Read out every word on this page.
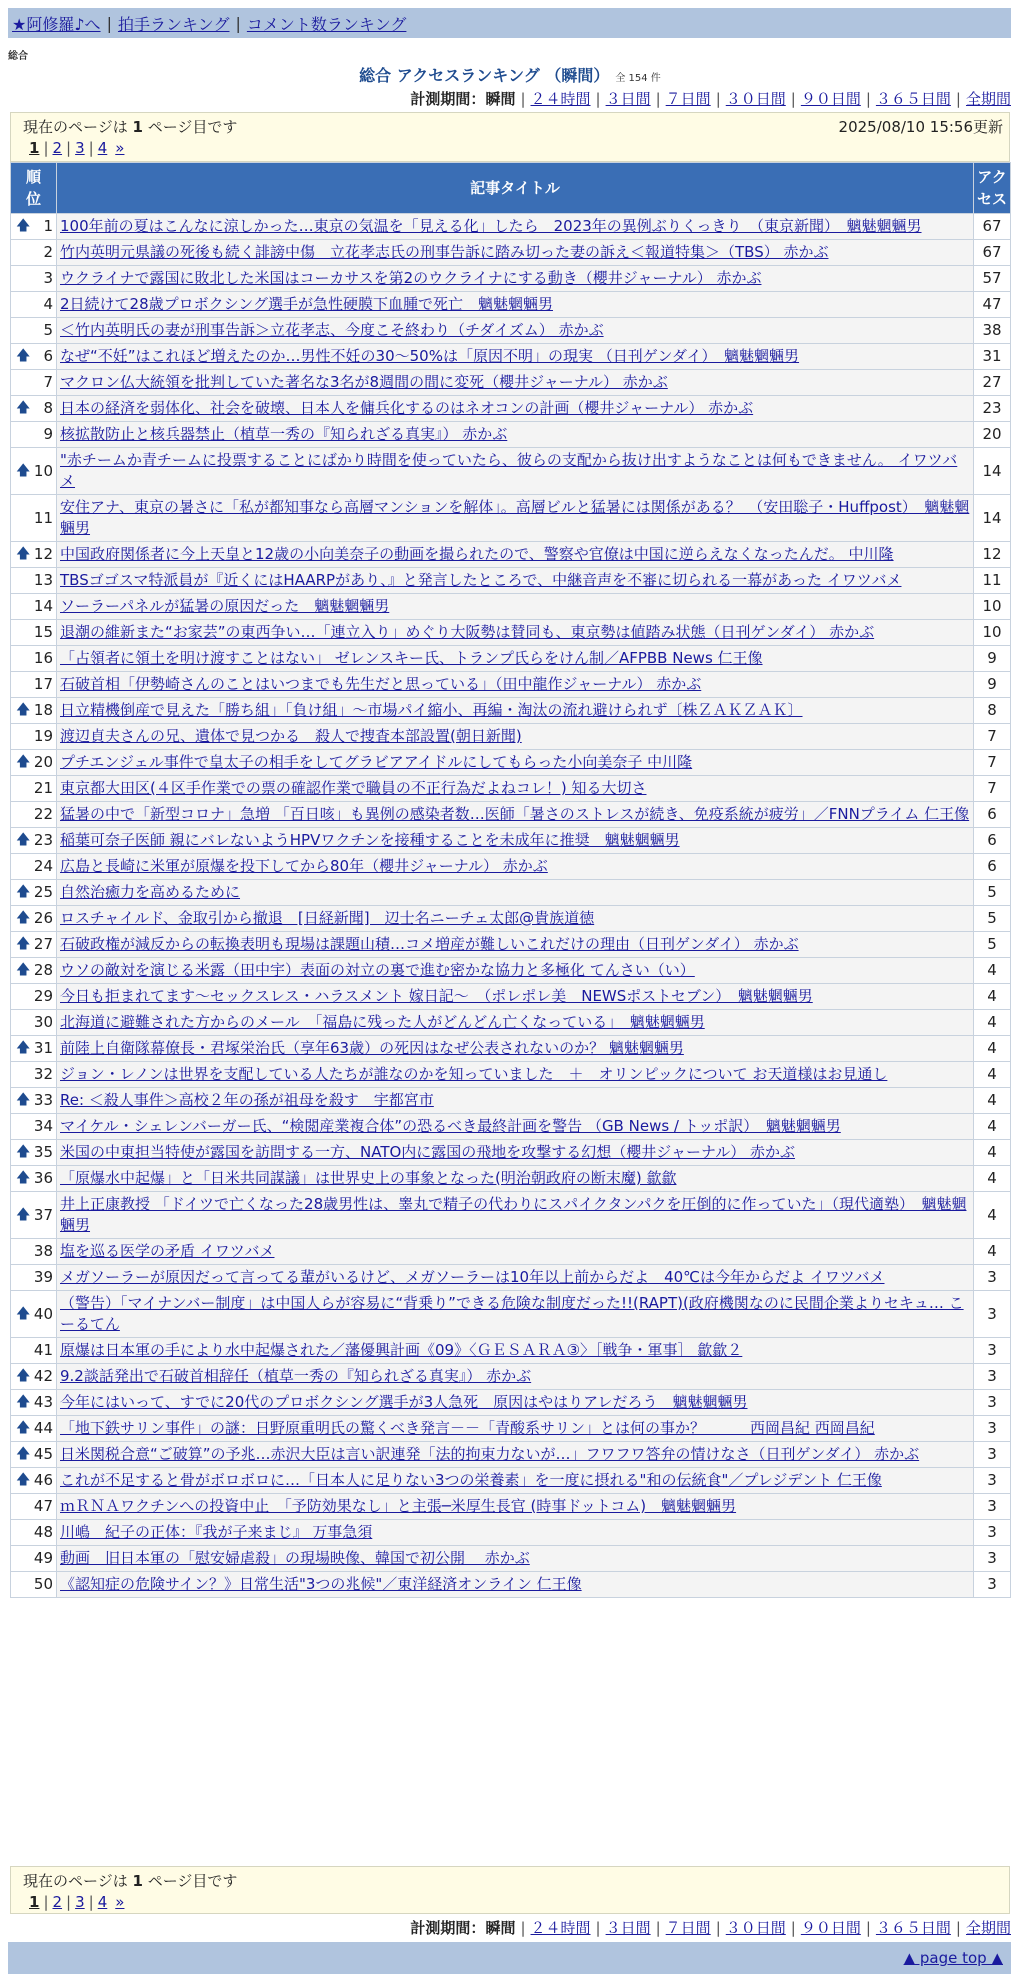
★阿修羅♪へ | 拍手ランキング | コメント数ランキング
総合
総合 アクセスランキング （瞬間） 全 154 件
計測期間：瞬間 | ２４時間 | ３日間 | ７日間 | ３０日間 | ９０日間 | ３６５日間 | 全期間
現在のページは 1 ページ目です	2025/08/10 15:56更新
1 | 2 | 3 | 4 »
順位	記事タイトル	アクセス

🡅 1	100年前の夏はこんなに涼しかった…東京の気温を「見える化」したら　2023年の異例ぶりくっきり　（東京新聞）　魑魅魍魎男	67
2	竹内英明元県議の死後も続く誹謗中傷　立花孝志氏の刑事告訴に踏み切った妻の訴え＜報道特集＞（TBS） 赤かぶ	67
3	ウクライナで露国に敗北した米国はコーカサスを第2のウクライナにする動き（櫻井ジャーナル） 赤かぶ	57
4	2日続けて28歳プロボクシング選手が急性硬膜下血腫で死亡　魑魅魍魎男	47
5	＜竹内英明氏の妻が刑事告訴＞立花孝志、今度こそ終わり（チダイズム） 赤かぶ	38

🡅 6	なぜ“不妊”はこれほど増えたのか…男性不妊の30～50%は「原因不明」の現実 （日刊ゲンダイ）　魑魅魍魎男	31
7	マクロン仏大統領を批判していた著名な3名が8週間の間に変死（櫻井ジャーナル） 赤かぶ	27

🡅 8	日本の経済を弱体化、社会を破壊、日本人を傭兵化するのはネオコンの計画（櫻井ジャーナル） 赤かぶ	23
9	核拡散防止と核兵器禁止（植草一秀の『知られざる真実』） 赤かぶ	20

🡅 10	"赤チームか青チームに投票することにばかり時間を使っていたら、彼らの支配から抜け出すようなことは何もできません。 イワツバメ	14
11	安住アナ、東京の暑さに「私が都知事なら高層マンションを解体」。高層ビルと猛暑には関係がある？　（安田聡子・Huffpost）　魑魅魍魎男	14

🡅 12	中国政府関係者に今上天皇と12歳の小向美奈子の動画を撮られたので、警察や官僚は中国に逆らえなくなったんだ。 中川隆	12
13	TBSゴゴスマ特派員が『近くにはHAARPがあり、』と発言したところで、中継音声を不審に切られる一幕があった イワツバメ	11
14	ソーラーパネルが猛暑の原因だった　魑魅魍魎男	10
15	退潮の維新また“お家芸”の東西争い…「連立入り」めぐり大阪勢は賛同も、東京勢は値踏み状態（日刊ゲンダイ） 赤かぶ	10
16	「占領者に領土を明け渡すことはない」 ゼレンスキー氏、トランプ氏らをけん制／AFPBB News 仁王像	9
17	石破首相「伊勢崎さんのことはいつまでも先生だと思っている」（田中龍作ジャーナル） 赤かぶ	9

🡅 18	日立精機倒産で見えた「勝ち組」「負け組」～市場パイ縮小、再編・淘汰の流れ避けられず〔株ＺＡＫＺＡＫ〕	8
19	渡辺貞夫さんの兄、遺体で見つかる　殺人で捜査本部設置(朝日新聞)	7

🡅 20	プチエンジェル事件で皇太子の相手をしてグラビアアイドルにしてもらった小向美奈子 中川隆	7
21	東京都大田区(４区手作業での票の確認作業で職員の不正行為だよねコレ！) 知る大切さ	7
22	猛暑の中で「新型コロナ」急増 「百日咳」も異例の感染者数…医師「暑さのストレスが続き、免疫系統が疲労」／FNNプライム 仁王像	6

🡅 23	稲葉可奈子医師 親にバレないようHPVワクチンを接種することを未成年に推奨　魑魅魍魎男	6
24	広島と長崎に米軍が原爆を投下してから80年（櫻井ジャーナル） 赤かぶ	6

🡅 25	自然治癒力を高めるために	5

🡅 26	ロスチャイルド、金取引から撤退　[日経新聞]　辺士名ニーチェ太郎@貴族道徳	5

🡅 27	石破政権が減反からの転換表明も現場は課題山積…コメ増産が難しいこれだけの理由（日刊ゲンダイ） 赤かぶ	5

🡅 28	ウソの敵対を演じる米露（田中宇）表面の対立の裏で進む密かな協力と多極化 てんさい（い）	4
29	今日も拒まれてます～セックスレス・ハラスメント 嫁日記～　（ポレポレ美　NEWSポストセブン）　魑魅魍魎男	4
30	北海道に避難された方からのメール　「福島に残った人がどんどん亡くなっている」　魑魅魍魎男	4

🡅 31	前陸上自衛隊幕僚長・君塚栄治氏（享年63歳）の死因はなぜ公表されないのか？ 魑魅魍魎男	4
32	ジョン・レノンは世界を支配している人たちが誰なのかを知っていました　＋　オリンピックについて お天道様はお見通し	4

🡅 33	Re: ＜殺人事件＞高校２年の孫が祖母を殺す　宇都宮市	4
34	マイケル・シェレンバーガー氏、“検閲産業複合体”の恐るべき最終計画を警告 （GB News / トッポ訳）　魑魅魍魎男	4

🡅 35	米国の中東担当特使が露国を訪問する一方、NATO内に露国の飛地を攻撃する幻想（櫻井ジャーナル） 赤かぶ	4

🡅 36	「原爆水中起爆」と「日米共同謀議」は世界史上の事象となった(明治朝政府の断末魔) 歙歙	4

🡅 37	井上正康教授 「ドイツで亡くなった28歳男性は、睾丸で精子の代わりにスパイクタンパクを圧倒的に作っていた」（現代適塾）　魑魅魍魎男	4
38	塩を巡る医学の矛盾 イワツバメ	4
39	メガソーラーが原因だって言ってる輩がいるけど、メガソーラーは10年以上前からだよ　40℃は今年からだよ イワツバメ	3

🡅 40	（警告）「マイナンバー制度」は中国人らが容易に“背乗り”できる危険な制度だった!!(RAPT)(政府機関なのに民間企業よりセキュ… こーるてん	3
41	原爆は日本軍の手により水中起爆された／藩優興計画《09》〈ＧＥＳＡＲＡ③〉［戦争・軍事］ 歙歙２	3

🡅 42	9.2談話発出で石破首相辞任（植草一秀の『知られざる真実』） 赤かぶ	3

🡅 43	今年にはいって、すでに20代のプロボクシング選手が3人急死　原因はやはりアレだろう　魑魅魍魎男	3

🡅 44	「地下鉄サリン事件」の謎：日野原重明氏の驚くべき発言－－「青酸系サリン」とは何の事か？　　　西岡昌紀 西岡昌紀	3

🡅 45	日米関税合意“ご破算”の予兆…赤沢大臣は言い訳連発「法的拘束力ないが…」フワフワ答弁の情けなさ（日刊ゲンダイ） 赤かぶ	3

🡅 46	これが不足すると骨がボロボロに…「日本人に足りない3つの栄養素」を一度に摂れる"和の伝統食"／プレジデント 仁王像	3
47	ｍＲＮＡワクチンへの投資中止　「予防効果なし」と主張─米厚生長官 (時事ドットコム)　魑魅魍魎男	3
48	川嶋　紀子の正体：『我が子来まじ』 万事急須	3
49	動画　旧日本軍の「慰安婦虐殺」の現場映像、韓国で初公開　 赤かぶ	3
50	《認知症の危険サイン？》日常生活"3つの兆候"／東洋経済オンライン 仁王像	3
現在のページは 1 ページ目です
1 | 2 | 3 | 4 »
計測期間：瞬間 | ２４時間 | ３日間 | ７日間 | ３０日間 | ９０日間 | ３６５日間 | 全期間
▲ page top ▲
